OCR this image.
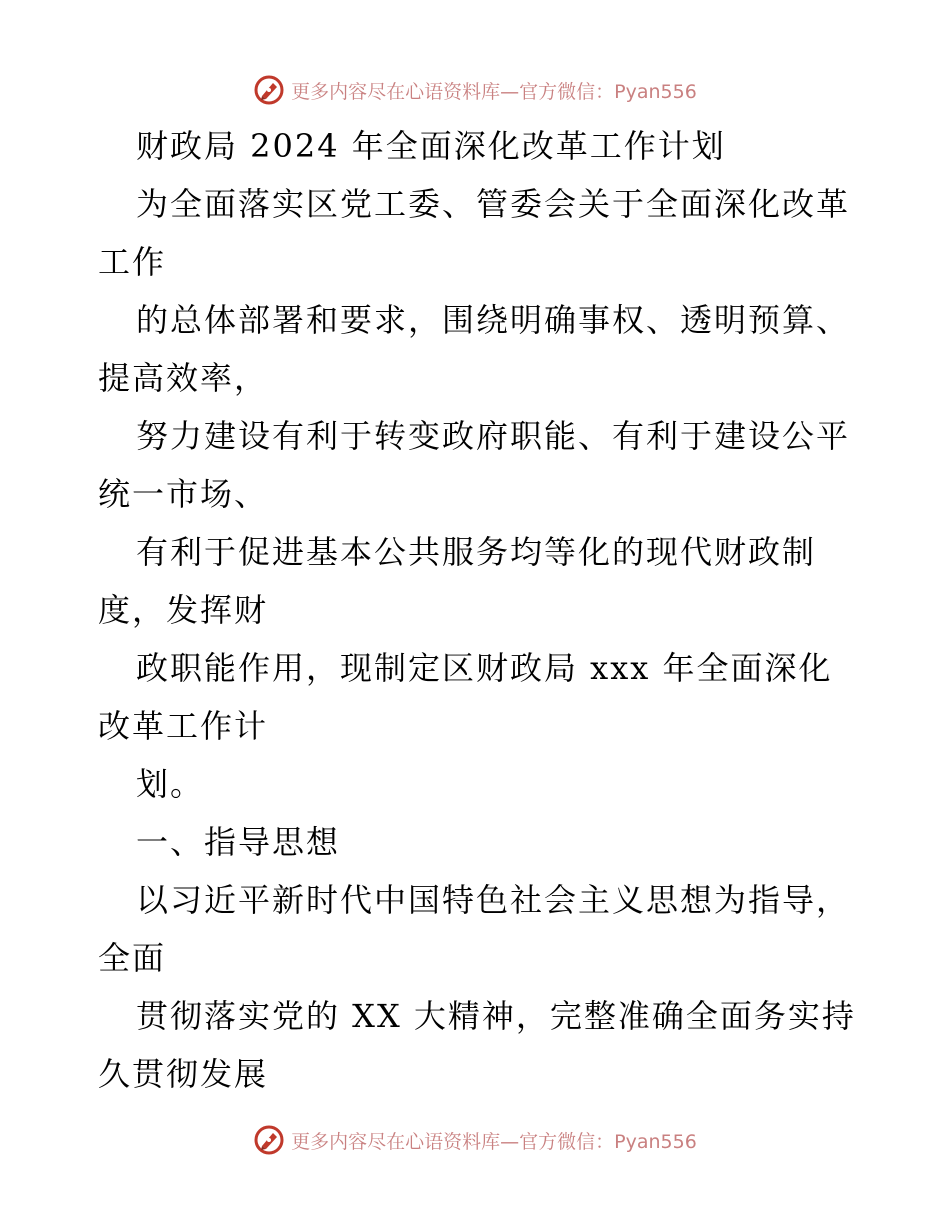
更多内容尽在心语资料库—官方微信：Pyan556
财政局 2024 年全面深化改革工作计划
为全面落实区党工委、管委会关于全面深化改革
工作
的总体部署和要求，围绕明确事权、透明预算、
提高效率，
努力建设有利于转变政府职能、有利于建设公平
统一市场、
有利于促进基本公共服务均等化的现代财政制
度，发挥财
政职能作用，现制定区财政局 xxx 年全面深化
改革工作计
划。
一、指导思想
以习近平新时代中国特色社会主义思想为指导，
全面
贯彻落实党的 XX 大精神，完整准确全面务实持
久贯彻发展
更多内容尽在心语资料库—官方微信：Pyan556
